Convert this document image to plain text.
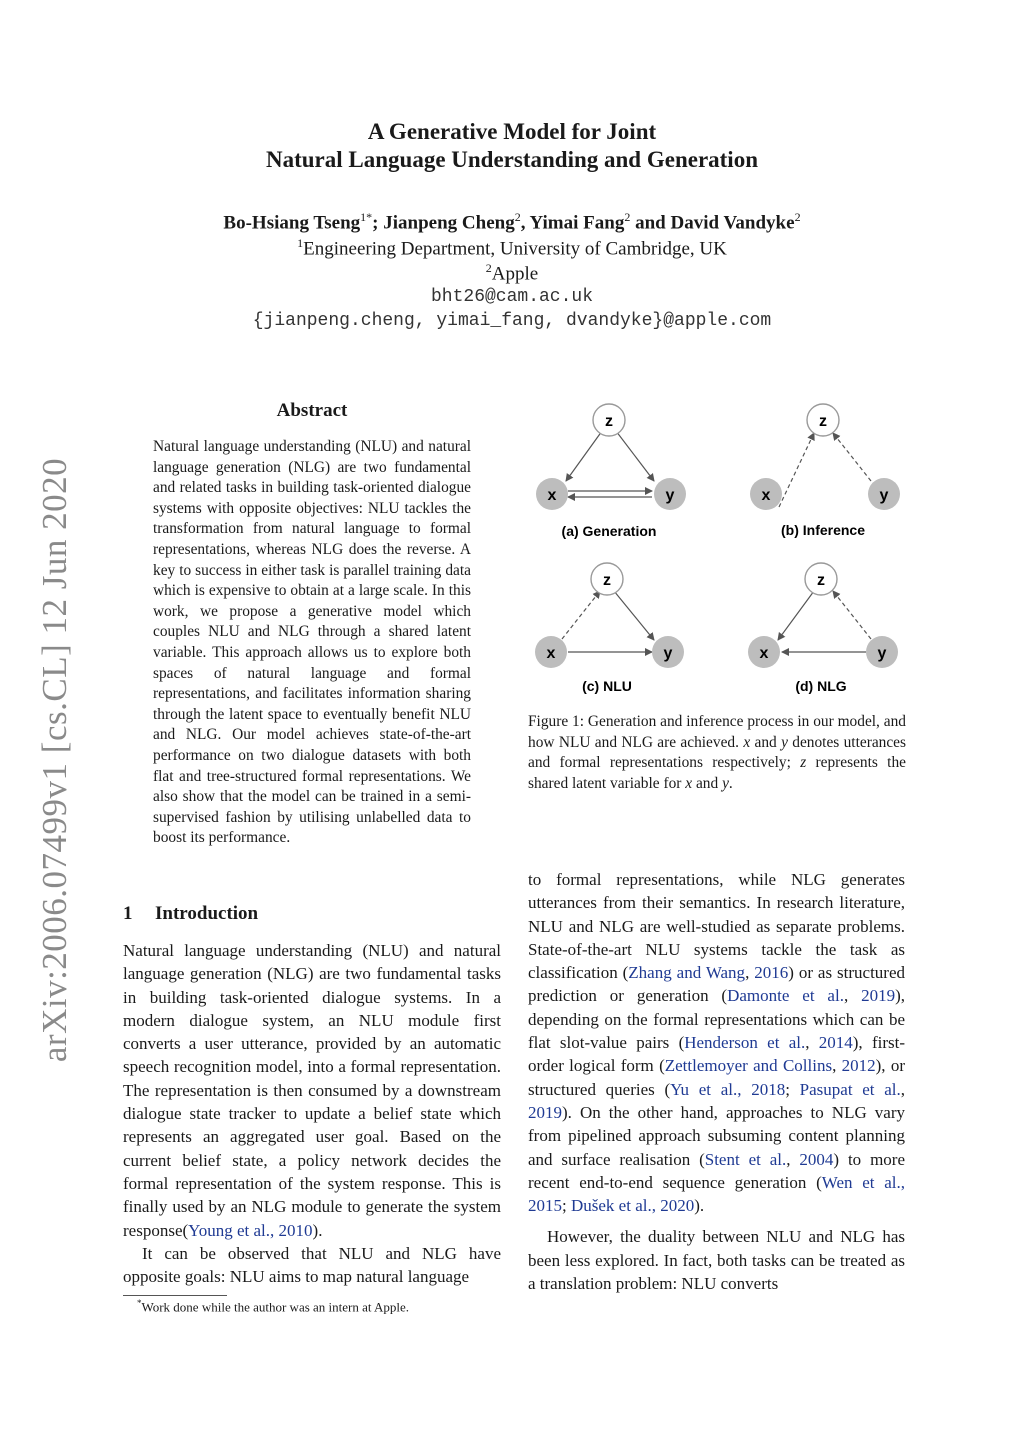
arXiv:2006.07499v1 [cs.CL] 12 Jun 2020
A Generative Model for Joint
Natural Language Understanding and Generation
Bo-Hsiang Tseng$^{1*}$; Jianpeng Cheng$^2$, Yimai Fang$^2$ and David Vandyke$^2$
$^1$Engineering Department, University of Cambridge, UK
$^2$Apple
bht26@cam.ac.uk
{jianpeng.cheng, yimai_fang, dvandyke}@apple.com
Abstract
Natural language understanding (NLU) and natural language generation (NLG) are two fundamental and related tasks in building task-oriented dialogue systems with opposite objectives: NLU tackles the transformation from natural language to formal representations, whereas NLG does the reverse. A key to success in either task is parallel training data which is expensive to obtain at a large scale. In this work, we propose a generative model which couples NLU and NLG through a shared latent variable. This approach allows us to explore both spaces of natural language and formal representations, and facilitates information sharing through the latent space to eventually benefit NLU and NLG. Our model achieves state-of-the-art performance on two dialogue datasets with both flat and tree-structured formal representations. We also show that the model can be trained in a semi-supervised fashion by utilising unlabelled data to boost its performance.
z
x	y
(a) Generation
z
x	y
(b) Inference
z
x	y
(c) NLU
z
x	y
(d) NLG
Figure 1: Generation and inference process in our model, and how NLU and NLG are achieved. x and y denotes utterances and formal representations respectively; z represents the shared latent variable for x and y.
1 Introduction

Natural language understanding (NLU) and natural language generation (NLG) are two fundamental tasks in building task-oriented dialogue systems. In a modern dialogue system, an NLU module first converts a user utterance, provided by an automatic speech recognition model, into a formal representation. The representation is then consumed by a downstream dialogue state tracker to update a belief state which represents an aggregated user goal. Based on the current belief state, a policy network decides the formal representation of the system response. This is finally used by an NLG module to generate the system response(Young et al., 2010).

It can be observed that NLU and NLG have opposite goals: NLU aims to map natural language

to formal representations, while NLG generates utterances from their semantics. In research literature, NLU and NLG are well-studied as separate problems. State-of-the-art NLU systems tackle the task as classification (Zhang and Wang, 2016) or as structured prediction or generation (Damonte et al., 2019), depending on the formal representations which can be flat slot-value pairs (Henderson et al., 2014), first-order logical form (Zettlemoyer and Collins, 2012), or structured queries (Yu et al., 2018; Pasupat et al., 2019). On the other hand, approaches to NLG vary from pipelined approach subsuming content planning and surface realisation (Stent et al., 2004) to more recent end-to-end sequence generation (Wen et al., 2015; Dušek et al., 2020).

However, the duality between NLU and NLG has been less explored. In fact, both tasks can be treated as a translation problem: NLU converts

*Work done while the author was an intern at Apple.
